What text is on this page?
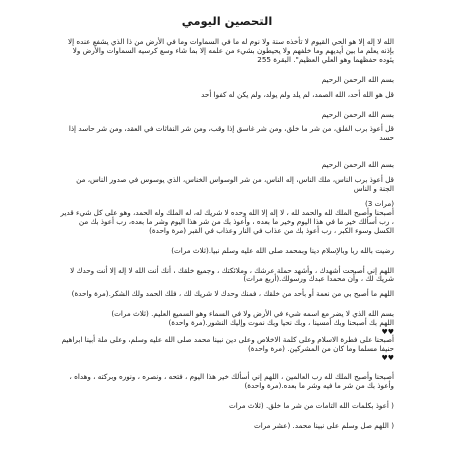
التحصين اليومي

الله لا إله إلا هو الحي القيوم لا تأخذه سنة ولا نوم له ما في السماوات وما في الأرض من ذا الذي يشفع عنده إلا بإذنه يعلم ما بين أيديهم وما خلفهم ولا يحيطون بشيء من علمه إلا بما شاء وسع كرسيه السماوات والأرض ولا يئوده حفظهما وهو العلي العظيم". البقرة 255

بسم الله الرحمن الرحيم

قل هو الله أحد، الله الصمد، لم يلد ولم يولد، ولم يكن له كفوا أحد

بسم الله الرحمن الرحيم

قل أعوذ برب الفلق، من شر ما خلق، ومن شر غاسق إذا وقب، ومن شر النفاثات في العقد، ومن شر حاسد إذا حسد

بسم الله الرحمن الرحيم

قل أعوذ برب الناس، ملك الناس، إله الناس، من شر الوسواس الخناس، الذي يوسوس في صدور الناس، من الجنة و الناس

(مرات 3)

أصبحنا وأصبح الملك لله والحمد لله ، لا إله إلا الله وحده لا شريك له، له الملك وله الحمد، وهو على كل شيء قدير ، رب أسألك خير ما في هذا اليوم وخير ما بعده ، وأعوذ بك من شر هذا اليوم وشر ما بعده، رب أعوذ بك من الكسل وسوء الكبر ، رب أعوذ بك من عذاب في النار وعذاب في القبر (مرة واحدة)

رضيت بالله ربا وبالإسلام دينا وبمحمد صلى الله عليه وسلم نبيا.(ثلاث مرات)

اللهم إني أصبحت أشهدك ، وأشهد حملة عرشك ، وملائكتك ، وجميع خلقك ، أنك أنت الله لا إله إلا أنت وحدك لا شريك لك ، وأن محمدا عبدك ورسولك.(أربع مرات)

اللهم ما أصبح بي من نعمة أو بأحد من خلقك ، فمنك وحدك لا شريك لك ، فلك الحمد ولك الشكر.(مرة واحدة)

بسم الله الذي لا يضر مع اسمه شيء في الأرض ولا في السماء وهو السميع العليم. (ثلاث مرات)

اللهم بك أصبحنا وبك أمسينا ، وبك نحيا وبك نموت وإليك النشور.(مرة واحدة)

♥♥

أصبحنا على فطرة الاسلام وعلى كلمة الاخلاص وعلى دين نبينا محمد صلى الله عليه وسلم، وعلى ملة أبينا ابراهيم حنيفا مسلما وما كان من المشركين. (مرة واحدة)

♥♥

أصبحنا وأصبح الملك لله رب العالمين ، اللهم إني أسألك خير هذا اليوم ، فتحه ، ونصره ، ونوره وبركته ، وهداه ، وأعوذ بك من شر ما فيه وشر ما بعده.(مرة واحدة)

( أعوذ بكلمات الله التامات من شر ما خلق. (ثلاث مرات

( اللهم صل وسلم على نبينا محمد. (عشر مرات
